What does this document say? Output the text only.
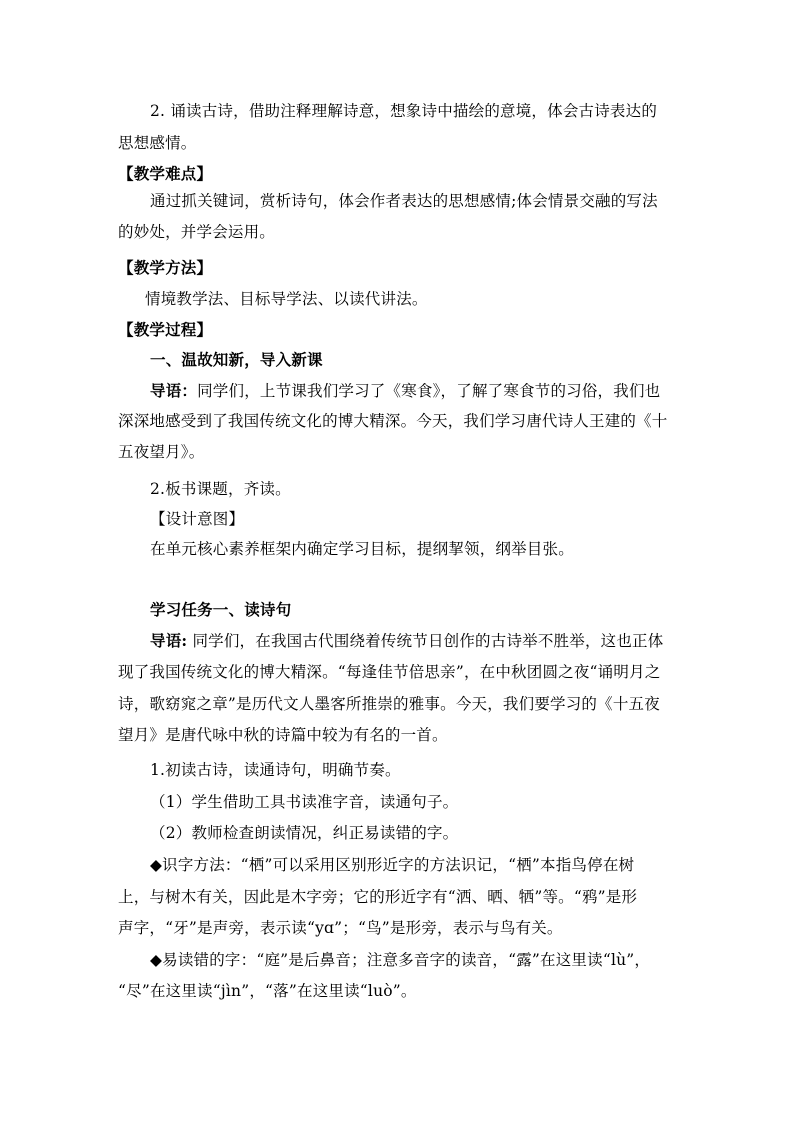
2. 诵读古诗，借助注释理解诗意，想象诗中描绘的意境，体会古诗表达的
思想感情。
【教学难点】
通过抓关键词，赏析诗句，体会作者表达的思想感情;体会情景交融的写法
的妙处，并学会运用。
【教学方法】
情境教学法、目标导学法、以读代讲法。
【教学过程】
一、温故知新，导入新课
导语：同学们，上节课我们学习了《寒食》，了解了寒食节的习俗，我们也
深深地感受到了我国传统文化的博大精深。今天，我们学习唐代诗人王建的《十
五夜望月》。
2.板书课题，齐读。
【设计意图】
在单元核心素养框架内确定学习目标，提纲挈领，纲举目张。
学习任务一、读诗句
导语: 同学们，在我国古代围绕着传统节日创作的古诗举不胜举，这也正体
现了我国传统文化的博大精深。“每逢佳节倍思亲”，在中秋团圆之夜“诵明月之
诗，歌窈窕之章”是历代文人墨客所推崇的雅事。今天，我们要学习的《十五夜
望月》是唐代咏中秋的诗篇中较为有名的一首。
1.初读古诗，读通诗句，明确节奏。
（1）学生借助工具书读准字音，读通句子。
（2）教师检查朗读情况，纠正易读错的字。
◆识字方法：“栖”可以采用区别形近字的方法识记，“栖”本指鸟停在树
上，与树木有关，因此是木字旁；它的形近字有“洒、晒、牺”等。“鸦”是形
声字，“牙”是声旁，表示读“yɑ”；“鸟”是形旁，表示与鸟有关。
◆易读错的字：“庭”是后鼻音；注意多音字的读音，“露”在这里读“lù”，
“尽”在这里读“jìn”，“落”在这里读“luò”。
